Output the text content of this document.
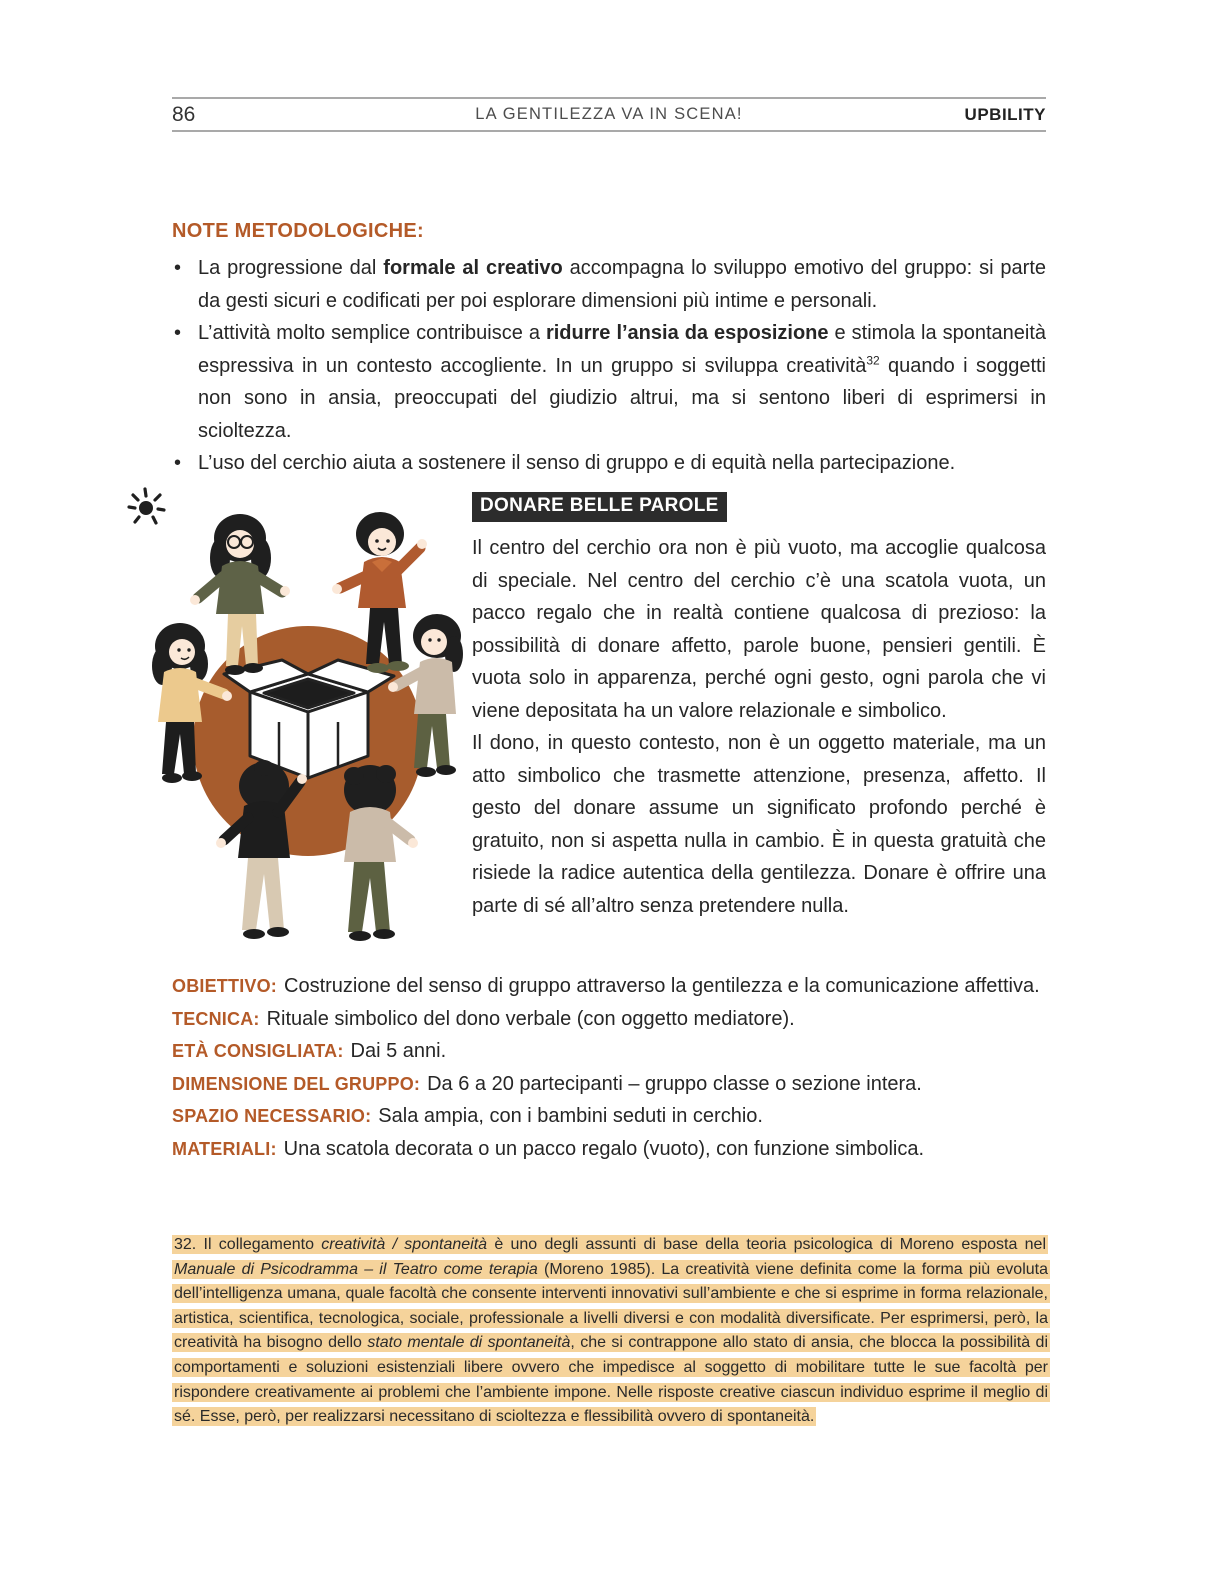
86	LA GENTILEZZA VA IN SCENA!	UPBILITY
NOTE METODOLOGICHE:
• La progressione dal formale al creativo accompagna lo sviluppo emotivo del gruppo: si parte da gesti sicuri e codificati per poi esplorare dimensioni più intime e personali.
• L’attività molto semplice contribuisce a ridurre l’ansia da esposizione e stimola la spontaneità espressiva in un contesto accogliente. In un gruppo si sviluppa creatività$^{32}$ quando i soggetti non sono in ansia, preoccupati del giudizio altrui, ma si sentono liberi di esprimersi in scioltezza.
• L’uso del cerchio aiuta a sostenere il senso di gruppo e di equità nella partecipazione.
DONARE BELLE PAROLE

Il centro del cerchio ora non è più vuoto, ma accoglie qualcosa di speciale. Nel centro del cerchio c’è una scatola vuota, un pacco regalo che in realtà contiene qualcosa di prezioso: la possibilità di donare affetto, parole buone, pensieri gentili. È vuota solo in apparenza, perché ogni gesto, ogni parola che vi viene depositata ha un valore relazionale e simbolico.

Il dono, in questo contesto, non è un oggetto materiale, ma un atto simbolico che trasmette attenzione, presenza, affetto. Il gesto del donare assume un significato profondo perché è gratuito, non si aspetta nulla in cambio. È in questa gratuità che risiede la radice autentica della gentilezza. Donare è offrire una parte di sé all’altro senza pretendere nulla.

OBIETTIVO: Costruzione del senso di gruppo attraverso la gentilezza e la comunicazione affettiva.

TECNICA: Rituale simbolico del dono verbale (con oggetto mediatore).

ETÀ CONSIGLIATA: Dai 5 anni.

DIMENSIONE DEL GRUPPO: Da 6 a 20 partecipanti – gruppo classe o sezione intera.

SPAZIO NECESSARIO: Sala ampia, con i bambini seduti in cerchio.

MATERIALI: Una scatola decorata o un pacco regalo (vuoto), con funzione simbolica.

32. Il collegamento creatività / spontaneità è uno degli assunti di base della teoria psicologica di Moreno esposta nel Manuale di Psicodramma – il Teatro come terapia (Moreno 1985). La creatività viene definita come la forma più evoluta dell’intelligenza umana, quale facoltà che consente interventi innovativi sull’ambiente e che si esprime in forma relazionale, artistica, scientifica, tecnologica, sociale, professionale a livelli diversi e con modalità diversificate. Per esprimersi, però, la creatività ha bisogno dello stato mentale di spontaneità, che si contrappone allo stato di ansia, che blocca la possibilità di comportamenti e soluzioni esistenziali libere ovvero che impedisce al soggetto di mobilitare tutte le sue facoltà per rispondere creativamente ai problemi che l’ambiente impone. Nelle risposte creative ciascun individuo esprime il meglio di sé. Esse, però, per realizzarsi necessitano di scioltezza e flessibilità ovvero di spontaneità.
